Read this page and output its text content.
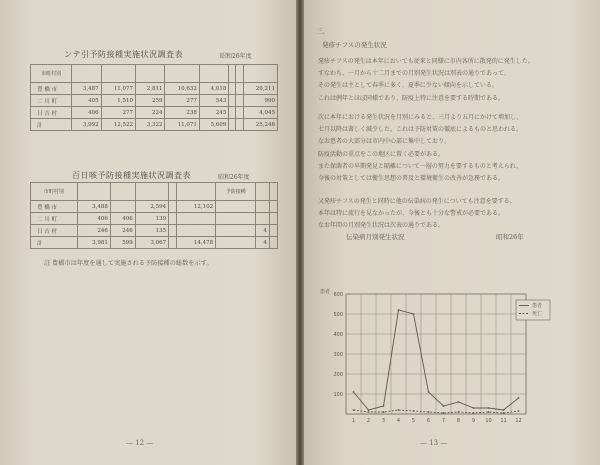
ンテ引予防接種実施状況調査表	昭和26年度
市町村別								
豊 橋 市	3,487	11,077	2,811	10,632	4,018			20,211
二 川 町	405	1,510	259	277	543			990
日 吉 村	406	277	224	238	245			4,045
計	3,992	12,522	3,322	11,071	5,609			25,246
百日咳予防接種実施状況調査表	昭和26年度
市町村別						予防接種		
豊 橋 市	3,488		2,594		12,102			
二 川 町	406	406	139					
日 吉 村	246	246	135				4	
計	3,981	599	3,067		14,478		4	
註 豊橋市は年度を通して実施される予防接種の総数を示す。
— 12 —
三、
発疹チフスの発生状況
発疹チフスの発生は本年においても従来と同様に市内各所に散発的に発生した。
すなわち、一月から十二月までの月別発生状況は別表の通りであって、
その発生は主として春季に多く、夏季に少ない傾向を示している。
これは例年とほぼ同様であり、防疫上特に注意を要する時期である。
次に本年における発生状況を月別にみると、三月より五月にかけて増加し、
七月以降は著しく減少した。これは予防対策の徹底によるものと思われる。
なお患者の大部分は市内中心部に集中しており、
防疫活動の重点をこの地区に置く必要がある。
また保菌者の早期発見と隔離について一層の努力を要するものと考えられ、
今後の対策としては衛生思想の普及と環境衛生の改善が急務である。
又発疹チフスの発生と同時に他の伝染病の発生についても注意を要する。
本年は特に流行を見なかったが、今後とも十分な警戒が必要である。
なお年間の月別発生状況は次表の通りである。
伝染病月別発生状況	昭和26年
100
200
300
400
500
600
患者
1 2 3 4 5 6 7 8 9 10 11 12
患者
死亡
— 13 —
